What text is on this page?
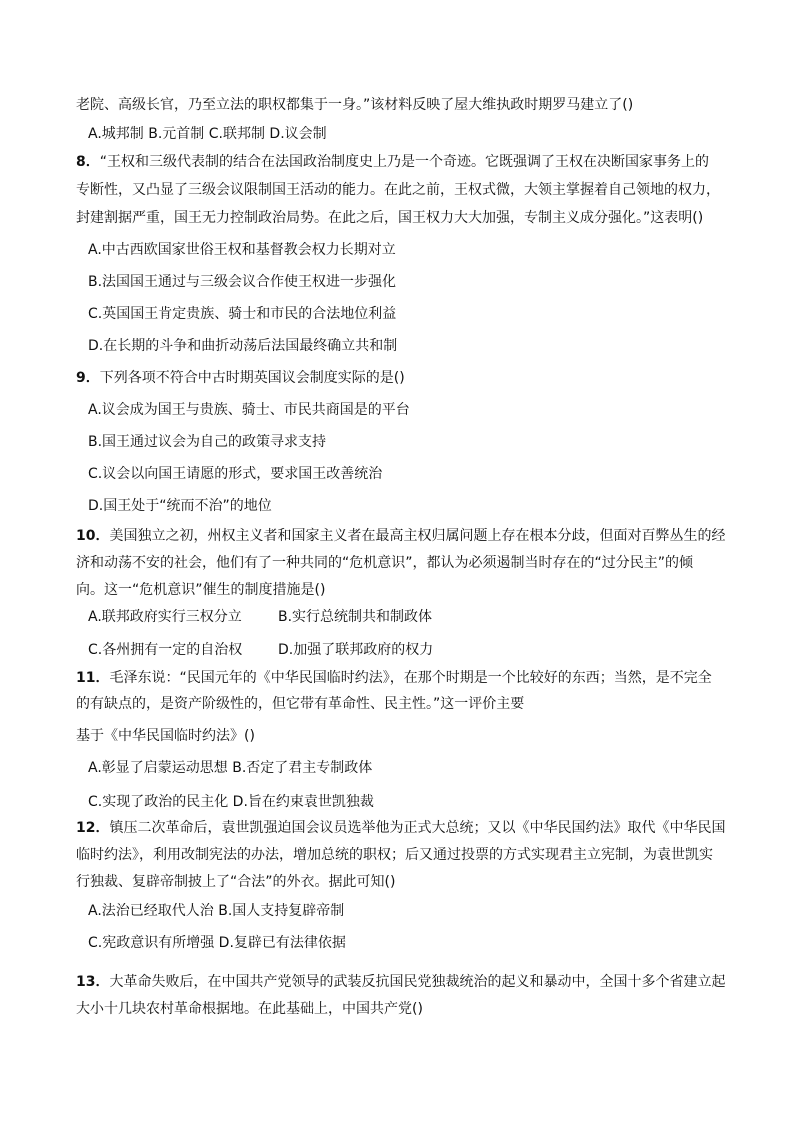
老院、高级长官，乃至立法的职权都集于一身。”该材料反映了屋大维执政时期罗马建立了()
A.城邦制 B.元首制 C.联邦制 D.议会制
8．“王权和三级代表制的结合在法国政治制度史上乃是一个奇迹。它既强调了王权在决断国家事务上的
专断性，又凸显了三级会议限制国王活动的能力。在此之前，王权式微，大领主掌握着自己领地的权力，
封建割据严重，国王无力控制政治局势。在此之后，国王权力大大加强，专制主义成分强化。”这表明()
A.中古西欧国家世俗王权和基督教会权力长期对立
B.法国国王通过与三级会议合作使王权进一步强化
C.英国国王肯定贵族、骑士和市民的合法地位利益
D.在长期的斗争和曲折动荡后法国最终确立共和制
9．下列各项不符合中古时期英国议会制度实际的是()
A.议会成为国王与贵族、骑士、市民共商国是的平台
B.国王通过议会为自己的政策寻求支持
C.议会以向国王请愿的形式，要求国王改善统治
D.国王处于“统而不治”的地位
10．美国独立之初，州权主义者和国家主义者在最高主权归属问题上存在根本分歧，但面对百弊丛生的经
济和动荡不安的社会，他们有了一种共同的“危机意识”，都认为必须遏制当时存在的“过分民主”的倾
向。这一“危机意识”催生的制度措施是()
A.联邦政府实行三权分立	B.实行总统制共和制政体
C.各州拥有一定的自治权	D.加强了联邦政府的权力
11．毛泽东说：“民国元年的《中华民国临时约法》，在那个时期是一个比较好的东西；当然，是不完全
的有缺点的，是资产阶级性的，但它带有革命性、民主性。”这一评价主要
基于《中华民国临时约法》()
A.彰显了启蒙运动思想 B.否定了君主专制政体
C.实现了政治的民主化 D.旨在约束袁世凯独裁
12．镇压二次革命后，袁世凯强迫国会议员选举他为正式大总统；又以《中华民国约法》取代《中华民国
临时约法》，利用改制宪法的办法，增加总统的职权；后又通过投票的方式实现君主立宪制，为袁世凯实
行独裁、复辟帝制披上了“合法”的外衣。据此可知()
A.法治已经取代人治 B.国人支持复辟帝制
C.宪政意识有所增强 D.复辟已有法律依据
13．大革命失败后，在中国共产党领导的武装反抗国民党独裁统治的起义和暴动中，全国十多个省建立起
大小十几块农村革命根据地。在此基础上，中国共产党()
